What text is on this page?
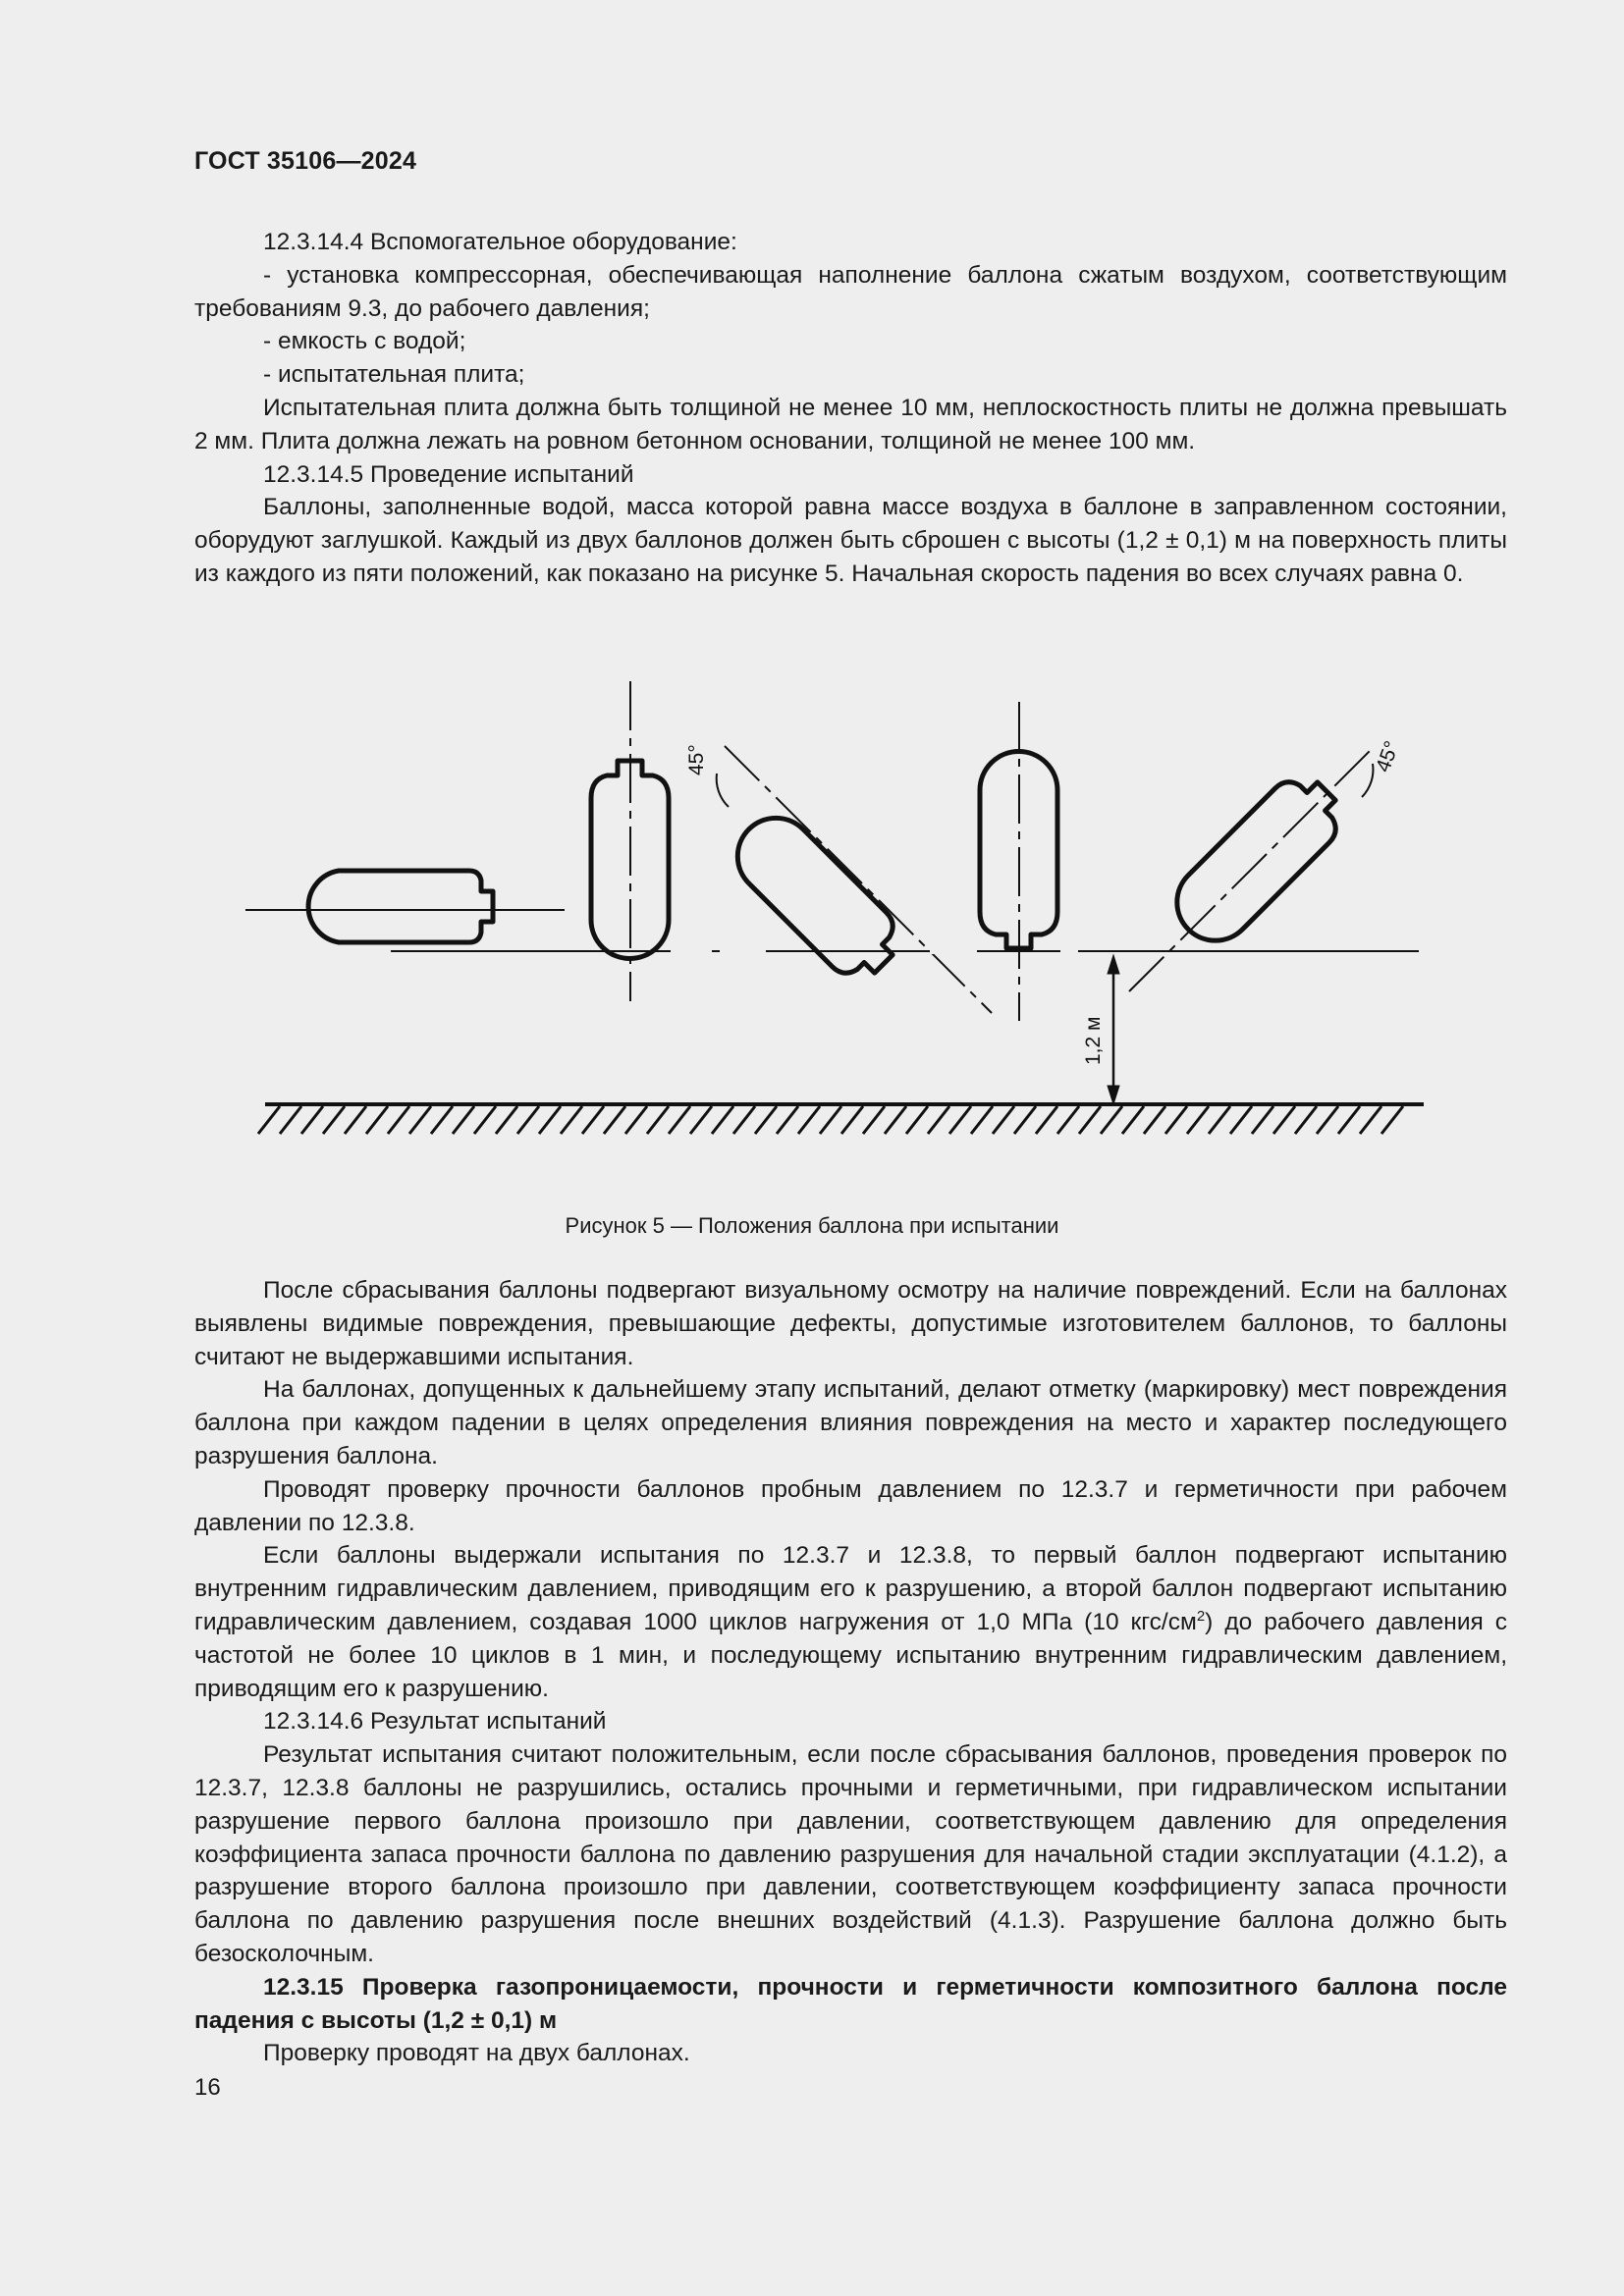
ГОСТ 35106—2024

12.3.14.4 Вспомогательное оборудование:

- установка компрессорная, обеспечивающая наполнение баллона сжатым воздухом, соответствующим требованиям 9.3, до рабочего давления;

- емкость с водой;

- испытательная плита;

Испытательная плита должна быть толщиной не менее 10 мм, неплоскостность плиты не должна превышать 2 мм. Плита должна лежать на ровном бетонном основании, толщиной не менее 100 мм.

12.3.14.5 Проведение испытаний

Баллоны, заполненные водой, масса которой равна массе воздуха в баллоне в заправленном состоянии, оборудуют заглушкой. Каждый из двух баллонов должен быть сброшен с высоты (1,2 ± 0,1) м на поверхность плиты из каждого из пяти положений, как показано на рисунке 5. Начальная скорость падения во всех случаях равна 0.

45°	45°
1,2 м
Рисунок 5 — Положения баллона при испытании

После сбрасывания баллоны подвергают визуальному осмотру на наличие повреждений. Если на баллонах выявлены видимые повреждения, превышающие дефекты, допустимые изготовителем баллонов, то баллоны считают не выдержавшими испытания.

На баллонах, допущенных к дальнейшему этапу испытаний, делают отметку (маркировку) мест повреждения баллона при каждом падении в целях определения влияния повреждения на место и характер последующего разрушения баллона.

Проводят проверку прочности баллонов пробным давлением по 12.3.7 и герметичности при рабочем давлении по 12.3.8.

Если баллоны выдержали испытания по 12.3.7 и 12.3.8, то первый баллон подвергают испытанию внутренним гидравлическим давлением, приводящим его к разрушению, а второй баллон подвергают испытанию гидравлическим давлением, создавая 1000 циклов нагружения от 1,0 МПа (10 кгс/$см^2$) до рабочего давления с частотой не более 10 циклов в 1 мин, и последующему испытанию внутренним гидравлическим давлением, приводящим его к разрушению.

12.3.14.6 Результат испытаний

Результат испытания считают положительным, если после сбрасывания баллонов, проведения проверок по 12.3.7, 12.3.8 баллоны не разрушились, остались прочными и герметичными, при гидравлическом испытании разрушение первого баллона произошло при давлении, соответствующем давлению для определения коэффициента запаса прочности баллона по давлению разрушения для начальной стадии эксплуатации (4.1.2), а разрушение второго баллона произошло при давлении, соответствующем коэффициенту запаса прочности баллона по давлению разрушения после внешних воздействий (4.1.3). Разрушение баллона должно быть безосколочным.

12.3.15 Проверка газопроницаемости, прочности и герметичности композитного баллона после падения с высоты (1,2 ± 0,1) м

Проверку проводят на двух баллонах.

16
